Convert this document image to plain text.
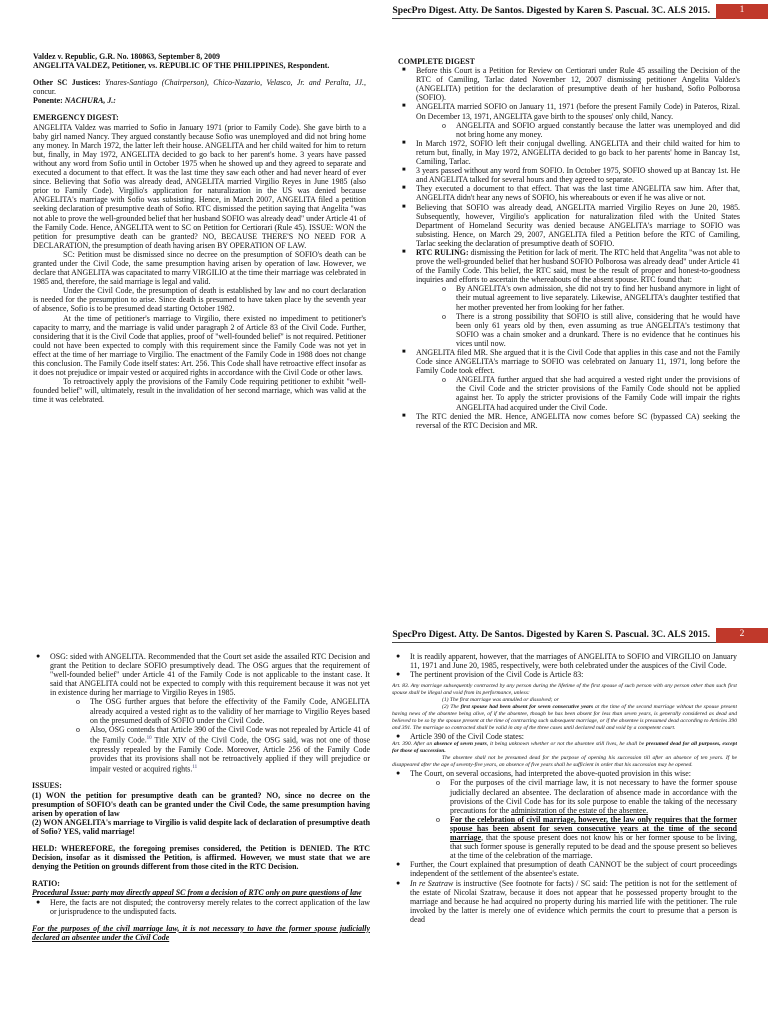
SpecPro Digest. Atty. De Santos. Digested by Karen S. Pascual. 3C. ALS 2015.	1
Valdez v. Republic, G.R. No. 180863, September 8, 2009
ANGELITA VALDEZ, Petitioner, vs. REPUBLIC OF THE PHILIPPINES, Respondent.
Other SC Justices: Ynares-Santiago (Chairperson), Chico-Nazario, Velasco, Jr. and Peralta, JJ., concur.
Ponente: NACHURA, J.:
EMERGENCY DIGEST:

ANGELITA Valdez was married to Sofio in January 1971 (prior to Family Code). She gave birth to a baby girl named Nancy. They argued constantly because Sofio was unemployed and did not bring home any money. In March 1972, the latter left their house. ANGELITA and her child waited for him to return but, finally, in May 1972, ANGELITA decided to go back to her parent's home. 3 years have passed without any word from Sofio until in October 1975 when he showed up and they agreed to separate and executed a document to that effect. It was the last time they saw each other and had never heard of ever since. Believing that Sofio was already dead, ANGELITA married Virgilio Reyes in June 1985 (also prior to Family Code). Virgilio's application for naturalization in the US was denied because ANGELITA's marriage with Sofio was subsisting. Hence, in March 2007, ANGELITA filed a petition seeking declaration of presumptive death of Sofio. RTC dismissed the petition saying that Angelita "was not able to prove the well-grounded belief that her husband SOFIO was already dead" under Article 41 of the Family Code. Hence, ANGELITA went to SC on Petition for Certiorari (Rule 45). ISSUE: WON the petition for presumptive death can be granted? NO, BECAUSE THERE'S NO NEED FOR A DECLARATION, the presumption of death having arisen BY OPERATION OF LAW.

SC: Petition must be dismissed since no decree on the presumption of SOFIO's death can be granted under the Civil Code, the same presumption having arisen by operation of law. However, we declare that ANGELITA was capacitated to marry VIRGILIO at the time their marriage was celebrated in 1985 and, therefore, the said marriage is legal and valid.

Under the Civil Code, the presumption of death is established by law and no court declaration is needed for the presumption to arise. Since death is presumed to have taken place by the seventh year of absence, Sofio is to be presumed dead starting October 1982.

At the time of petitioner's marriage to Virgilio, there existed no impediment to petitioner's capacity to marry, and the marriage is valid under paragraph 2 of Article 83 of the Civil Code. Further, considering that it is the Civil Code that applies, proof of "well-founded belief" is not required. Petitioner could not have been expected to comply with this requirement since the Family Code was not yet in effect at the time of her marriage to Virgilio. The enactment of the Family Code in 1988 does not change this conclusion. The Family Code itself states: Art. 256. This Code shall have retroactive effect insofar as it does not prejudice or impair vested or acquired rights in accordance with the Civil Code or other laws.

To retroactively apply the provisions of the Family Code requiring petitioner to exhibit "well-founded belief" will, ultimately, result in the invalidation of her second marriage, which was valid at the time it was celebrated.

COMPLETE DIGEST
■ Before this Court is a Petition for Review on Certiorari under Rule 45 assailing the Decision of the RTC of Camiling, Tarlac dated November 12, 2007 dismissing petitioner Angelita Valdez's (ANGELITA) petition for the declaration of presumptive death of her husband, Sofio Polborosa (SOFIO).
■ ANGELITA married SOFIO on January 11, 1971 (before the present Family Code) in Pateros, Rizal. On December 13, 1971, ANGELITA gave birth to the spouses' only child, Nancy.
o ANGELITA and SOFIO argued constantly because the latter was unemployed and did not bring home any money.
■ In March 1972, SOFIO left their conjugal dwelling. ANGELITA and their child waited for him to return but, finally, in May 1972, ANGELITA decided to go back to her parents' home in Bancay 1st, Camiling, Tarlac.
■ 3 years passed without any word from SOFIO. In October 1975, SOFIO showed up at Bancay 1st. He and ANGELITA talked for several hours and they agreed to separate.
■ They executed a document to that effect. That was the last time ANGELITA saw him. After that, ANGELITA didn't hear any news of SOFIO, his whereabouts or even if he was alive or not.
■ Believing that SOFIO was already dead, ANGELITA married Virgilio Reyes on June 20, 1985. Subsequently, however, Virgilio's application for naturalization filed with the United States Department of Homeland Security was denied because ANGELITA's marriage to SOFIO was subsisting. Hence, on March 29, 2007, ANGELITA filed a Petition before the RTC of Camiling, Tarlac seeking the declaration of presumptive death of SOFIO.
■ RTC RULING: dismissing the Petition for lack of merit. The RTC held that Angelita "was not able to prove the well-grounded belief that her husband SOFIO Polborosa was already dead" under Article 41 of the Family Code. This belief, the RTC said, must be the result of proper and honest-to-goodness inquiries and efforts to ascertain the whereabouts of the absent spouse. RTC found that:
o By ANGELITA's own admission, she did not try to find her husband anymore in light of their mutual agreement to live separately. Likewise, ANGELITA's daughter testified that her mother prevented her from looking for her father.
o There is a strong possibility that SOFIO is still alive, considering that he would have been only 61 years old by then, even assuming as true ANGELITA's testimony that SOFIO was a chain smoker and a drunkard. There is no evidence that he continues his vices until now.
■ ANGELITA filed MR. She argued that it is the Civil Code that applies in this case and not the Family Code since ANGELITA's marriage to SOFIO was celebrated on January 11, 1971, long before the Family Code took effect.
o ANGELITA further argued that she had acquired a vested right under the provisions of the Civil Code and the stricter provisions of the Family Code should not be applied against her. To apply the stricter provisions of the Family Code will impair the rights ANGELITA had acquired under the Civil Code.
■ The RTC denied the MR. Hence, ANGELITA now comes before SC (bypassed CA) seeking the reversal of the RTC Decision and MR.
SpecPro Digest. Atty. De Santos. Digested by Karen S. Pascual. 3C. ALS 2015.	2
● OSG: sided with ANGELITA. Recommended that the Court set aside the assailed RTC Decision and grant the Petition to declare SOFIO presumptively dead. The OSG argues that the requirement of "well-founded belief" under Article 41 of the Family Code is not applicable to the instant case. It said that ANGELITA could not be expected to comply with this requirement because it was not yet in existence during her marriage to Virgilio Reyes in 1985.
o The OSG further argues that before the effectivity of the Family Code, ANGELITA already acquired a vested right as to the validity of her marriage to Virgilio Reyes based on the presumed death of SOFIO under the Civil Code.
o Also, OSG contends that Article 390 of the Civil Code was not repealed by Article 41 of the Family Code.$^{10}$ Title XIV of the Civil Code, the OSG said, was not one of those expressly repealed by the Family Code. Moreover, Article 256 of the Family Code provides that its provisions shall not be retroactively applied if they will prejudice or impair vested or acquired rights.$^{11}$
ISSUES:

(1) WON the petition for presumptive death can be granted? NO, since no decree on the presumption of SOFIO's death can be granted under the Civil Code, the same presumption having arisen by operation of law

(2) WON ANGELITA's marriage to Virgilio is valid despite lack of declaration of presumptive death of Sofio? YES, valid marriage!

HELD: WHEREFORE, the foregoing premises considered, the Petition is DENIED. The RTC Decision, insofar as it dismissed the Petition, is affirmed. However, we must state that we are denying the Petition on grounds different from those cited in the RTC Decision.

RATIO:

Procedural Issue: party may directly appeal SC from a decision of RTC only on pure questions of law

● Here, the facts are not disputed; the controversy merely relates to the correct application of the law or jurisprudence to the undisputed facts.

For the purposes of the civil marriage law, it is not necessary to have the former spouse judicially declared an absentee under the Civil Code

● It is readily apparent, however, that the marriages of ANGELITA to SOFIO and VIRGILIO on January 11, 1971 and June 20, 1985, respectively, were both celebrated under the auspices of the Civil Code.
● The pertinent provision of the Civil Code is Article 83:

Art. 83. Any marriage subsequently contracted by any person during the lifetime of the first spouse of such person with any person other than such first spouse shall be illegal and void from its performance, unless:

(1) The first marriage was annulled or dissolved; or

(2) The first spouse had been absent for seven consecutive years at the time of the second marriage without the spouse present having news of the absentee being alive, of if the absentee, though he has been absent for less than seven years, is generally considered as dead and believed to be so by the spouse present at the time of contracting such subsequent marriage, or if the absentee is presumed dead according to Articles 390 and 391. The marriage so contracted shall be valid in any of the three cases until declared null and void by a competent court.

● Article 390 of the Civil Code states:

Art. 390. After an absence of seven years, it being unknown whether or not the absentee still lives, he shall be presumed dead for all purposes, except for those of succession.

The absentee shall not be presumed dead for the purpose of opening his succession till after an absence of ten years. If he disappeared after the age of seventy-five years, an absence of five years shall be sufficient in order that his succession may be opened.

● The Court, on several occasions, had interpreted the above-quoted provision in this wise:
o For the purposes of the civil marriage law, it is not necessary to have the former spouse judicially declared an absentee. The declaration of absence made in accordance with the provisions of the Civil Code has for its sole purpose to enable the taking of the necessary precautions for the administration of the estate of the absentee.
o For the celebration of civil marriage, however, the law only requires that the former spouse has been absent for seven consecutive years at the time of the second marriage, that the spouse present does not know his or her former spouse to be living, that such former spouse is generally reputed to be dead and the spouse present so believes at the time of the celebration of the marriage.
● Further, the Court explained that presumption of death CANNOT be the subject of court proceedings independent of the settlement of the absentee's estate.
● In re Szatraw is instructive (See footnote for facts) / SC said: The petition is not for the settlement of the estate of Nicolai Szatraw, because it does not appear that he possessed property brought to the marriage and because he had acquired no property during his married life with the petitioner. The rule invoked by the latter is merely one of evidence which permits the court to presume that a person is dead
